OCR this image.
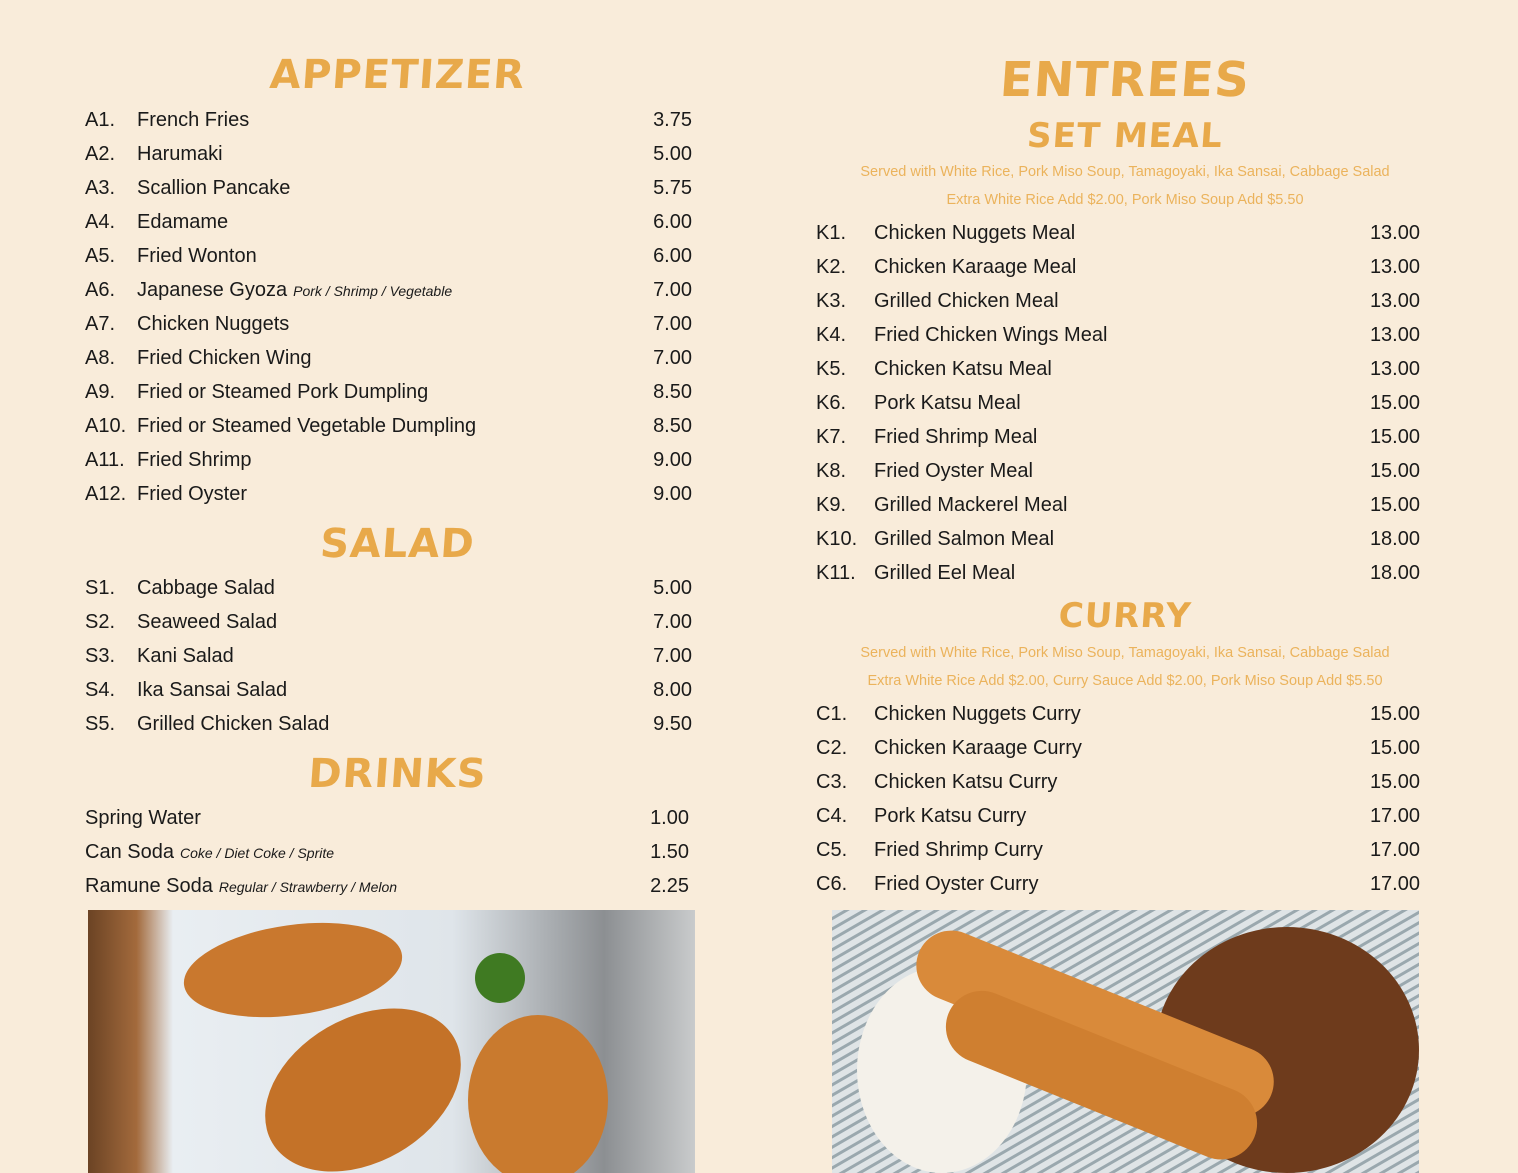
APPETIZER
A1.	French Fries	3.75
A2.	Harumaki	5.00
A3.	Scallion Pancake	5.75
A4.	Edamame	6.00
A5.	Fried Wonton	6.00
A6.	Japanese Gyoza Pork / Shrimp / Vegetable	7.00
A7.	Chicken Nuggets	7.00
A8.	Fried Chicken Wing	7.00
A9.	Fried or Steamed Pork Dumpling	8.50
A10. Fried or Steamed Vegetable Dumpling	8.50
A11. Fried Shrimp	9.00
A12. Fried Oyster	9.00
SALAD
S1.	Cabbage Salad	5.00
S2.	Seaweed Salad	7.00
S3.	Kani Salad	7.00
S4.	Ika Sansai Salad	8.00
S5.	Grilled Chicken Salad	9.50
DRINKS
Spring Water	1.00
Can Soda Coke / Diet Coke / Sprite	1.50
Ramune Soda Regular / Strawberry / Melon	2.25
ENTREES
SET MEAL
Served with White Rice, Pork Miso Soup, Tamagoyaki, Ika Sansai, Cabbage Salad
Extra White Rice Add $2.00, Pork Miso Soup Add $5.50
K1.	Chicken Nuggets Meal	13.00
K2.	Chicken Karaage Meal	13.00
K3.	Grilled Chicken Meal	13.00
K4.	Fried Chicken Wings Meal	13.00
K5.	Chicken Katsu Meal	13.00
K6.	Pork Katsu Meal	15.00
K7.	Fried Shrimp Meal	15.00
K8.	Fried Oyster Meal	15.00
K9.	Grilled Mackerel Meal	15.00
K10. Grilled Salmon Meal	18.00
K11. Grilled Eel Meal	18.00
CURRY
Served with White Rice, Pork Miso Soup, Tamagoyaki, Ika Sansai, Cabbage Salad
Extra White Rice Add $2.00, Curry Sauce Add $2.00, Pork Miso Soup Add $5.50
C1.	Chicken Nuggets Curry	15.00
C2.	Chicken Karaage Curry	15.00
C3.	Chicken Katsu Curry	15.00
C4.	Pork Katsu Curry	17.00
C5.	Fried Shrimp Curry	17.00
C6.	Fried Oyster Curry	17.00
